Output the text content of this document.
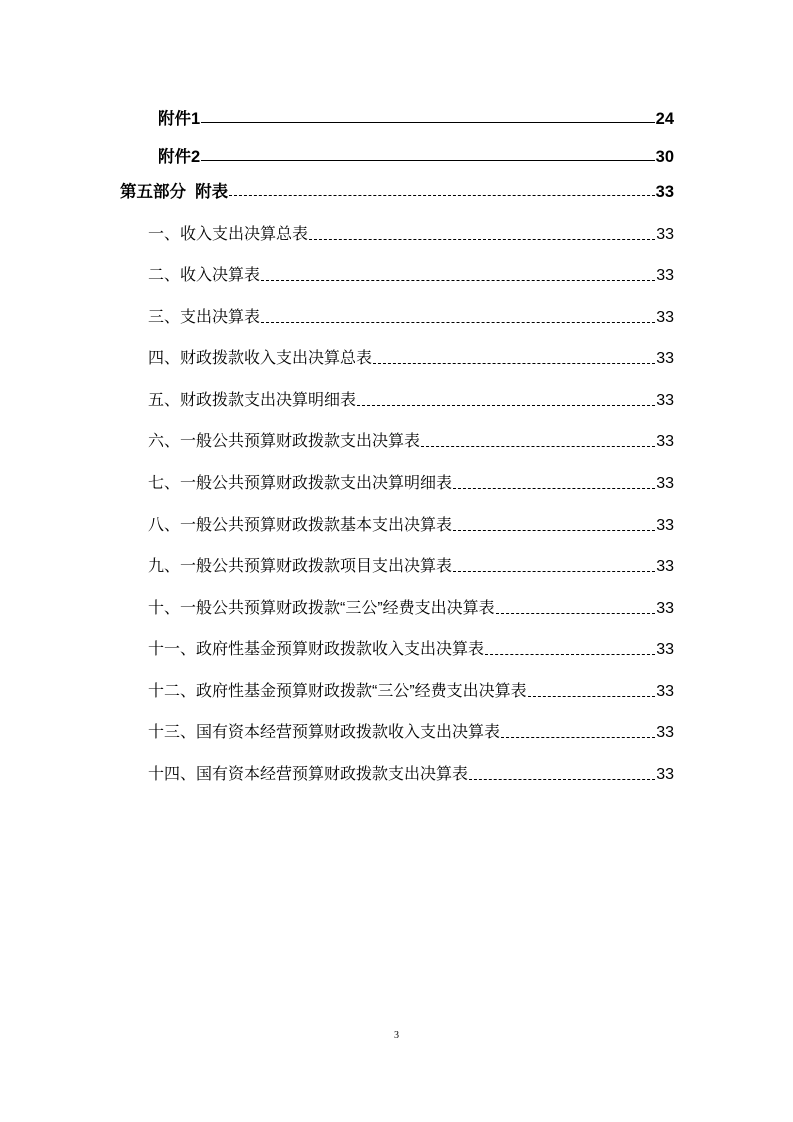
附件1	24
附件2	30
第五部分  附表	33
一、收入支出决算总表	33
二、收入决算表	33
三、支出决算表	33
四、财政拨款收入支出决算总表	33
五、财政拨款支出决算明细表	33
六、一般公共预算财政拨款支出决算表	33
七、一般公共预算财政拨款支出决算明细表	33
八、一般公共预算财政拨款基本支出决算表	33
九、一般公共预算财政拨款项目支出决算表	33
十、一般公共预算财政拨款“三公”经费支出决算表	33
十一、政府性基金预算财政拨款收入支出决算表	33
十二、政府性基金预算财政拨款“三公”经费支出决算表	33
十三、国有资本经营预算财政拨款收入支出决算表	33
十四、国有资本经营预算财政拨款支出决算表	33
3
